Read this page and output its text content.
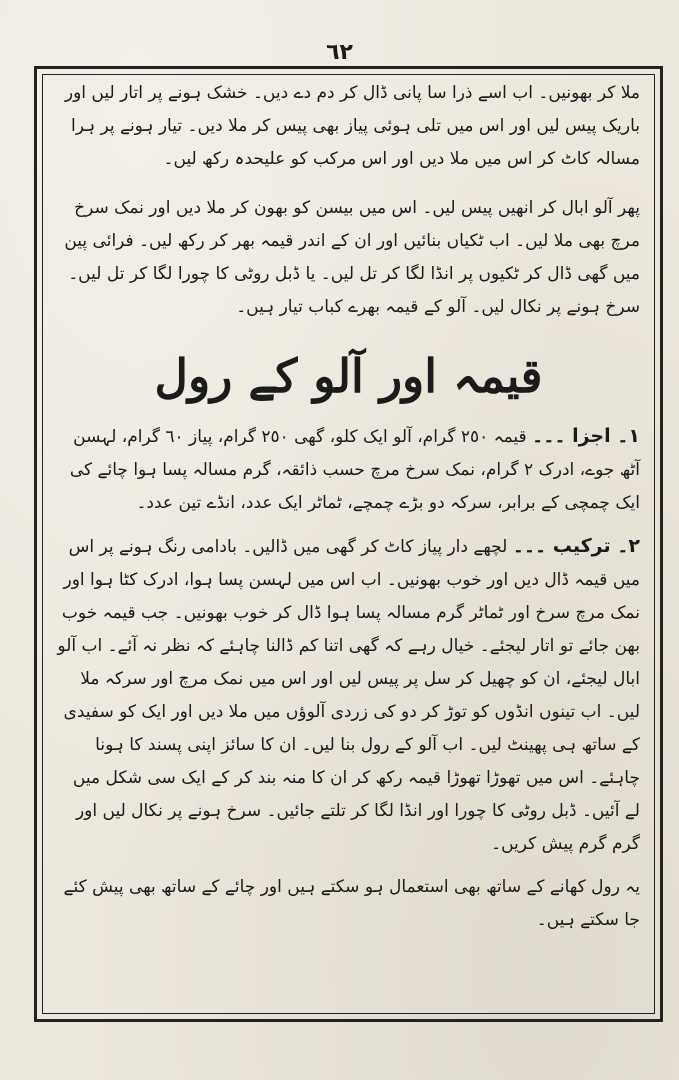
٦٢

ملا کر بھونیں۔ اب اسے ذرا سا پانی ڈال کر دم دے دیں۔ خشک ہونے پر اتار لیں اور باریک پیس لیں اور اس میں تلی ہوئی پیاز بھی پیس کر ملا دیں۔ تیار ہونے پر ہرا مسالہ کاٹ کر اس میں ملا دیں اور اس مرکب کو علیحدہ رکھ لیں۔

پھر آلو ابال کر انھیں پیس لیں۔ اس میں بیسن کو بھون کر ملا دیں اور نمک سرخ مرچ بھی ملا لیں۔ اب ٹکیاں بنائیں اور ان کے اندر قیمہ بھر کر رکھ لیں۔ فرائی پین میں گھی ڈال کر ٹکیوں پر انڈا لگا کر تل لیں۔ یا ڈبل روٹی کا چورا لگا کر تل لیں۔ سرخ ہونے پر نکال لیں۔ آلو کے قیمہ بھرے کباب تیار ہیں۔

قیمہ اور آلو کے رول

١۔ اجزا ۔۔۔ قیمہ ٢٥٠ گرام، آلو ایک کلو، گھی ٢٥٠ گرام، پیاز ٦٠ گرام، لہسن آٹھ جوے، ادرک ٢ گرام، نمک سرخ مرچ حسب ذائقہ، گرم مسالہ پسا ہوا چائے کی ایک چمچی کے برابر، سرکہ دو بڑے چمچے، ٹماٹر ایک عدد، انڈے تین عدد۔

٢۔ ترکیب ۔۔۔ لچھے دار پیاز کاٹ کر گھی میں ڈالیں۔ بادامی رنگ ہونے پر اس میں قیمہ ڈال دیں اور خوب بھونیں۔ اب اس میں لہسن پسا ہوا، ادرک کٹا ہوا اور نمک مرچ سرخ اور ٹماٹر گرم مسالہ پسا ہوا ڈال کر خوب بھونیں۔ جب قیمہ خوب بھن جائے تو اتار لیجئے۔ خیال رہے کہ گھی اتنا کم ڈالنا چاہئے کہ نظر نہ آئے۔ اب آلو ابال لیجئے، ان کو چھیل کر سل پر پیس لیں اور اس میں نمک مرچ اور سرکہ ملا لیں۔ اب تینوں انڈوں کو توڑ کر دو کی زردی آلوؤں میں ملا دیں اور ایک کو سفیدی کے ساتھ ہی پھینٹ لیں۔ اب آلو کے رول بنا لیں۔ ان کا سائز اپنی پسند کا ہونا چاہئے۔ اس میں تھوڑا تھوڑا قیمہ رکھ کر ان کا منہ بند کر کے ایک سی شکل میں لے آئیں۔ ڈبل روٹی کا چورا اور انڈا لگا کر تلتے جائیں۔ سرخ ہونے پر نکال لیں اور گرم گرم پیش کریں۔

یہ رول کھانے کے ساتھ بھی استعمال ہو سکتے ہیں اور چائے کے ساتھ بھی پیش کئے جا سکتے ہیں۔
